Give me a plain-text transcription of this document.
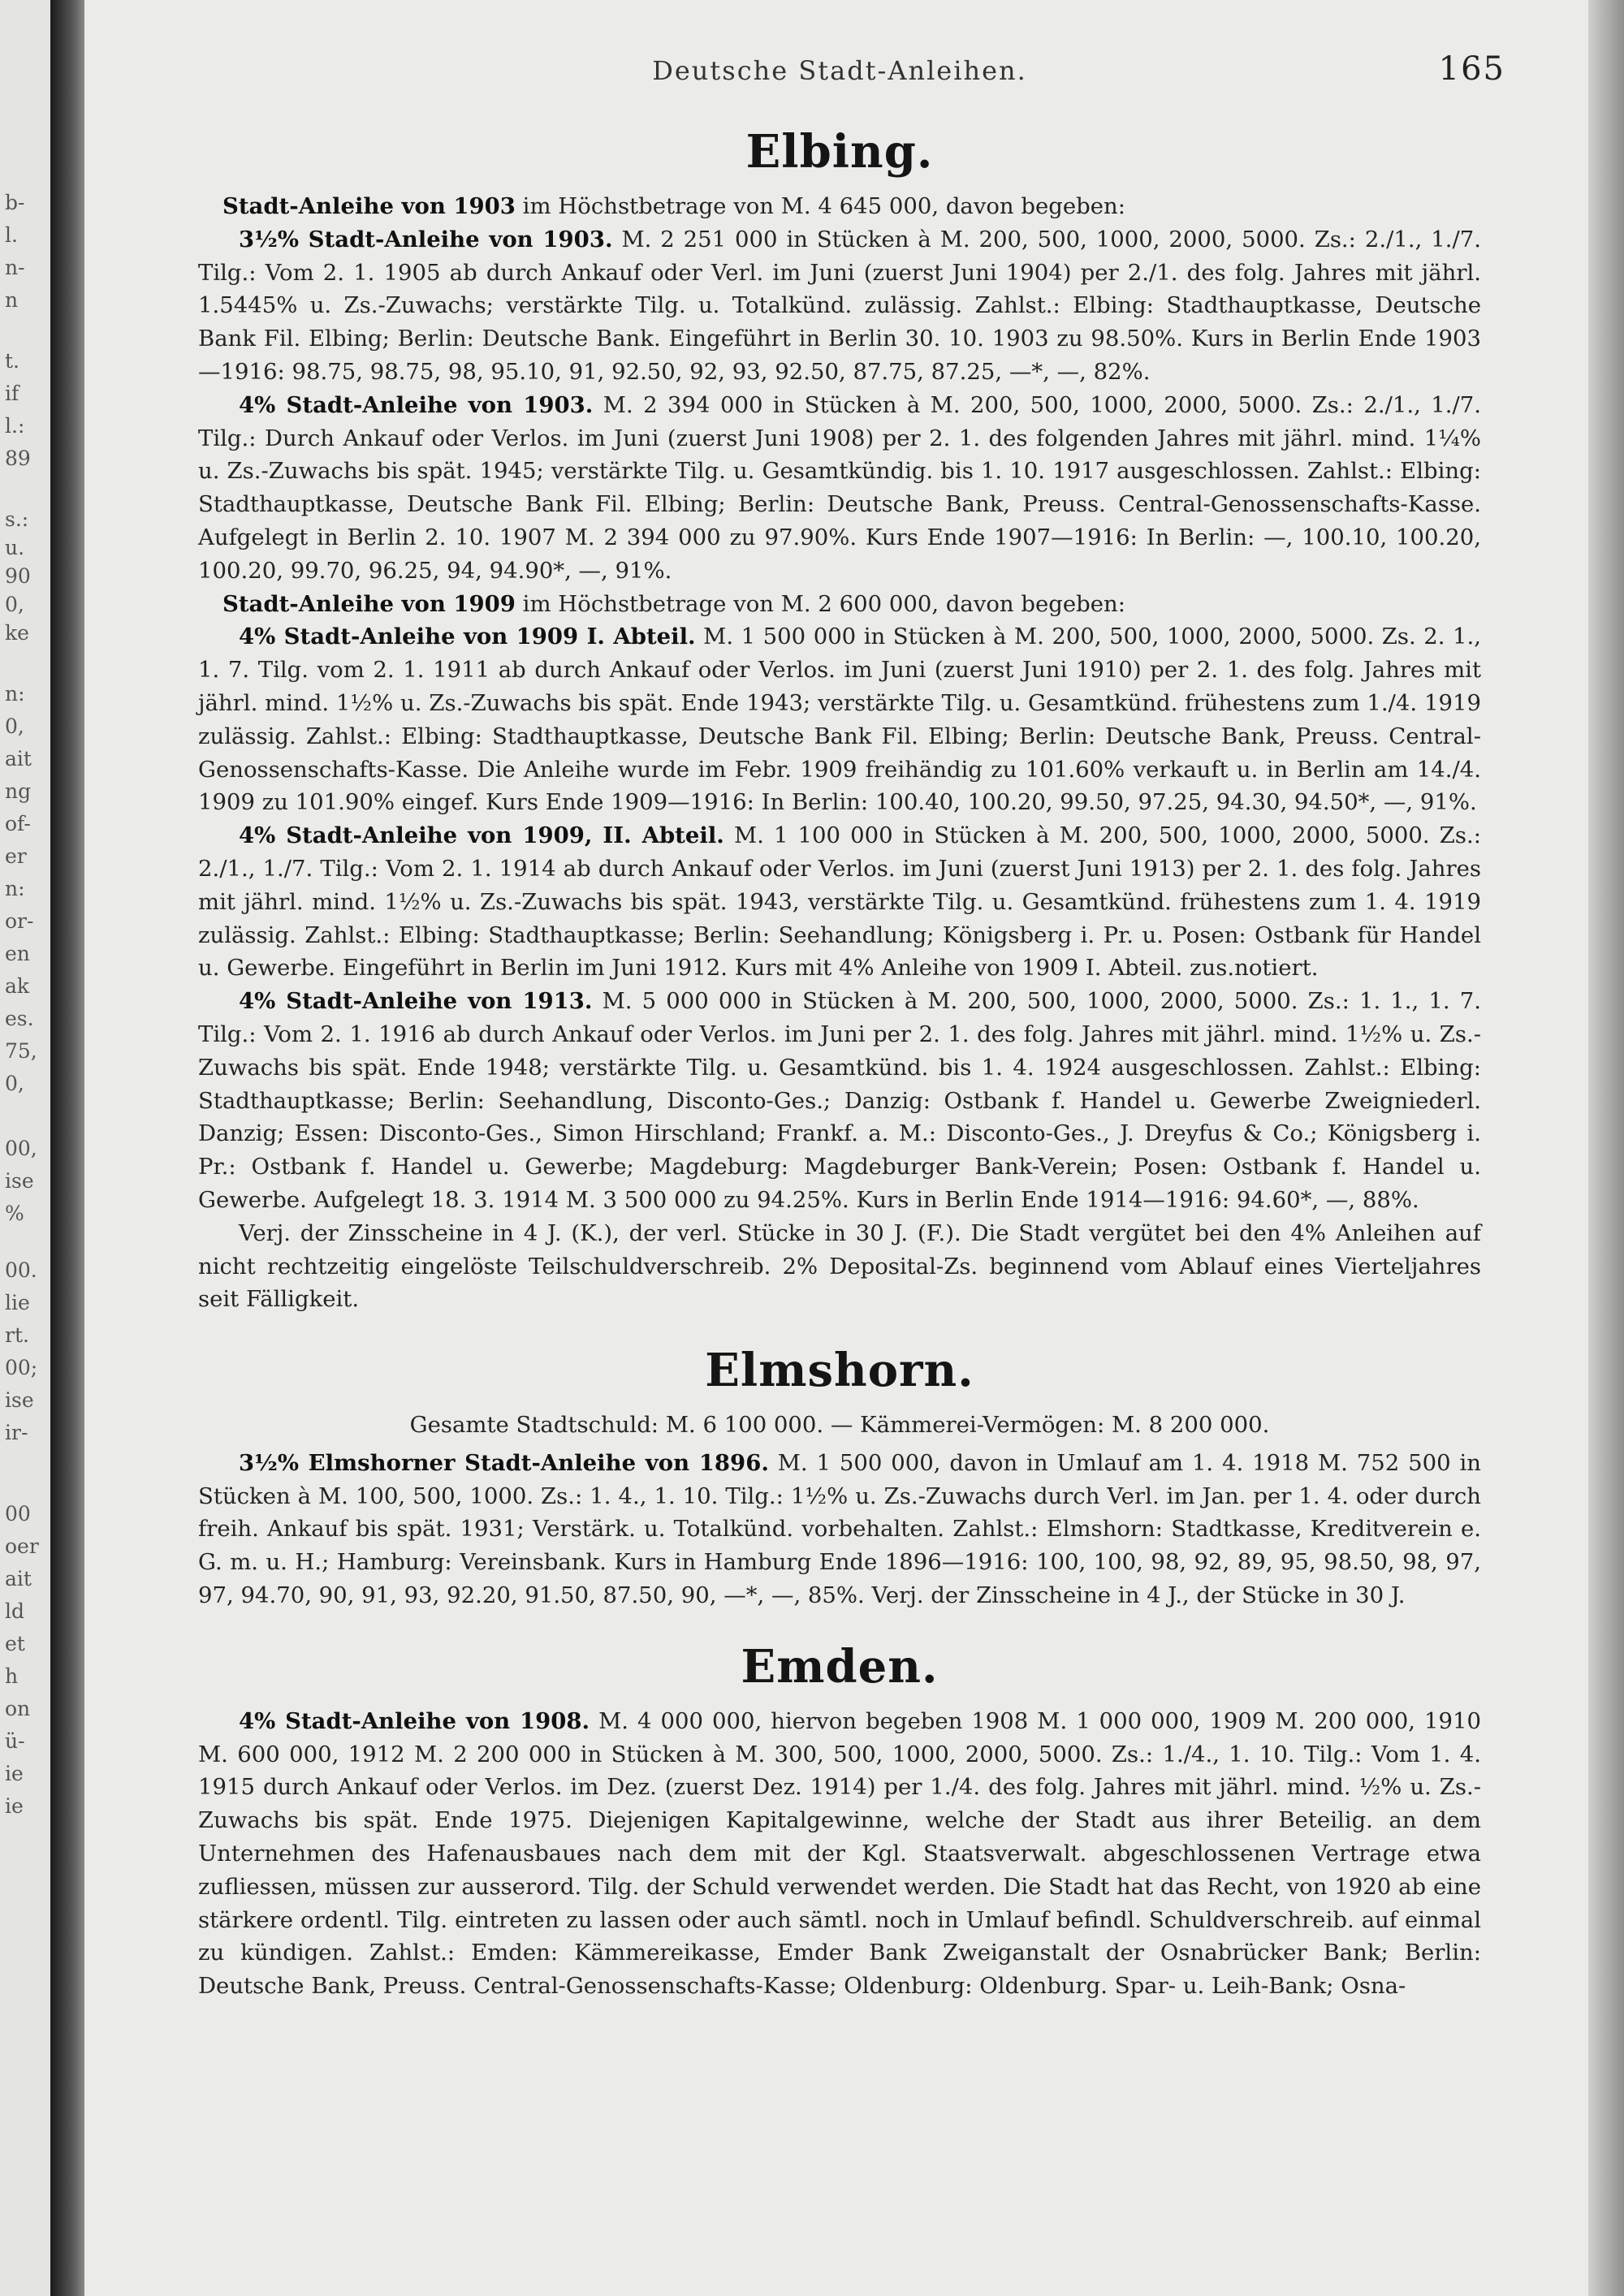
b-
l.
n-
n
t.
if
l.:
89
s.:
u.
90
0,
ke
n:
0,
ait
ng
of-
er
n:
or-
en
ak
es.
75,
0,
00,
ise
%
00.
lie
rt.
00;
ise
ir-
00
oer
ait
ld
et
h
on
ü-
ie
ie
Deutsche Stadt-Anleihen.	165
Elbing.

Stadt-Anleihe von 1903 im Höchstbetrage von M. 4 645 000, davon begeben:

3½% Stadt-Anleihe von 1903. M. 2 251 000 in Stücken à M. 200, 500, 1000, 2000, 5000. Zs.: 2./1., 1./7. Tilg.: Vom 2. 1. 1905 ab durch Ankauf oder Verl. im Juni (zuerst Juni 1904) per 2./1. des folg. Jahres mit jährl. 1.5445% u. Zs.-Zuwachs; verstärkte Tilg. u. Totalkünd. zulässig. Zahlst.: Elbing: Stadthauptkasse, Deutsche Bank Fil. Elbing; Berlin: Deutsche Bank. Eingeführt in Berlin 30. 10. 1903 zu 98.50%. Kurs in Berlin Ende 1903—1916: 98.75, 98.75, 98, 95.10, 91, 92.50, 92, 93, 92.50, 87.75, 87.25, —*, —, 82%.

4% Stadt-Anleihe von 1903. M. 2 394 000 in Stücken à M. 200, 500, 1000, 2000, 5000. Zs.: 2./1., 1./7. Tilg.: Durch Ankauf oder Verlos. im Juni (zuerst Juni 1908) per 2. 1. des folgenden Jahres mit jährl. mind. 1¼% u. Zs.-Zuwachs bis spät. 1945; verstärkte Tilg. u. Gesamtkündig. bis 1. 10. 1917 ausgeschlossen. Zahlst.: Elbing: Stadthauptkasse, Deutsche Bank Fil. Elbing; Berlin: Deutsche Bank, Preuss. Central-Genossenschafts-Kasse. Aufgelegt in Berlin 2. 10. 1907 M. 2 394 000 zu 97.90%. Kurs Ende 1907—1916: In Berlin: —, 100.10, 100.20, 100.20, 99.70, 96.25, 94, 94.90*, —, 91%.

Stadt-Anleihe von 1909 im Höchstbetrage von M. 2 600 000, davon begeben:

4% Stadt-Anleihe von 1909 I. Abteil. M. 1 500 000 in Stücken à M. 200, 500, 1000, 2000, 5000. Zs. 2. 1., 1. 7. Tilg. vom 2. 1. 1911 ab durch Ankauf oder Verlos. im Juni (zuerst Juni 1910) per 2. 1. des folg. Jahres mit jährl. mind. 1½% u. Zs.-Zuwachs bis spät. Ende 1943; verstärkte Tilg. u. Gesamtkünd. frühestens zum 1./4. 1919 zulässig. Zahlst.: Elbing: Stadthauptkasse, Deutsche Bank Fil. Elbing; Berlin: Deutsche Bank, Preuss. Central-Genossenschafts-Kasse. Die Anleihe wurde im Febr. 1909 freihändig zu 101.60% verkauft u. in Berlin am 14./4. 1909 zu 101.90% eingef. Kurs Ende 1909—1916: In Berlin: 100.40, 100.20, 99.50, 97.25, 94.30, 94.50*, —, 91%.

4% Stadt-Anleihe von 1909, II. Abteil. M. 1 100 000 in Stücken à M. 200, 500, 1000, 2000, 5000. Zs.: 2./1., 1./7. Tilg.: Vom 2. 1. 1914 ab durch Ankauf oder Verlos. im Juni (zuerst Juni 1913) per 2. 1. des folg. Jahres mit jährl. mind. 1½% u. Zs.-Zuwachs bis spät. 1943, verstärkte Tilg. u. Gesamtkünd. frühestens zum 1. 4. 1919 zulässig. Zahlst.: Elbing: Stadthauptkasse; Berlin: Seehandlung; Königsberg i. Pr. u. Posen: Ostbank für Handel u. Gewerbe. Eingeführt in Berlin im Juni 1912. Kurs mit 4% Anleihe von 1909 I. Abteil. zus.notiert.

4% Stadt-Anleihe von 1913. M. 5 000 000 in Stücken à M. 200, 500, 1000, 2000, 5000. Zs.: 1. 1., 1. 7. Tilg.: Vom 2. 1. 1916 ab durch Ankauf oder Verlos. im Juni per 2. 1. des folg. Jahres mit jährl. mind. 1½% u. Zs.-Zuwachs bis spät. Ende 1948; verstärkte Tilg. u. Gesamtkünd. bis 1. 4. 1924 ausgeschlossen. Zahlst.: Elbing: Stadthauptkasse; Berlin: Seehandlung, Disconto-Ges.; Danzig: Ostbank f. Handel u. Gewerbe Zweigniederl. Danzig; Essen: Disconto-Ges., Simon Hirschland; Frankf. a. M.: Disconto-Ges., J. Dreyfus & Co.; Königsberg i. Pr.: Ostbank f. Handel u. Gewerbe; Magdeburg: Magdeburger Bank-Verein; Posen: Ostbank f. Handel u. Gewerbe. Aufgelegt 18. 3. 1914 M. 3 500 000 zu 94.25%. Kurs in Berlin Ende 1914—1916: 94.60*, —, 88%.

Verj. der Zinsscheine in 4 J. (K.), der verl. Stücke in 30 J. (F.). Die Stadt vergütet bei den 4% Anleihen auf nicht rechtzeitig eingelöste Teilschuldverschreib. 2% Deposital-Zs. beginnend vom Ablauf eines Vierteljahres seit Fälligkeit.

Elmshorn.

Gesamte Stadtschuld: M. 6 100 000. — Kämmerei-Vermögen: M. 8 200 000.

3½% Elmshorner Stadt-Anleihe von 1896. M. 1 500 000, davon in Umlauf am 1. 4. 1918 M. 752 500 in Stücken à M. 100, 500, 1000. Zs.: 1. 4., 1. 10. Tilg.: 1½% u. Zs.-Zuwachs durch Verl. im Jan. per 1. 4. oder durch freih. Ankauf bis spät. 1931; Verstärk. u. Totalkünd. vorbehalten. Zahlst.: Elmshorn: Stadtkasse, Kreditverein e. G. m. u. H.; Hamburg: Vereinsbank. Kurs in Hamburg Ende 1896—1916: 100, 100, 98, 92, 89, 95, 98.50, 98, 97, 97, 94.70, 90, 91, 93, 92.20, 91.50, 87.50, 90, —*, —, 85%. Verj. der Zinsscheine in 4 J., der Stücke in 30 J.

Emden.

4% Stadt-Anleihe von 1908. M. 4 000 000, hiervon begeben 1908 M. 1 000 000, 1909 M. 200 000, 1910 M. 600 000, 1912 M. 2 200 000 in Stücken à M. 300, 500, 1000, 2000, 5000. Zs.: 1./4., 1. 10. Tilg.: Vom 1. 4. 1915 durch Ankauf oder Verlos. im Dez. (zuerst Dez. 1914) per 1./4. des folg. Jahres mit jährl. mind. ½% u. Zs.-Zuwachs bis spät. Ende 1975. Diejenigen Kapitalgewinne, welche der Stadt aus ihrer Beteilig. an dem Unternehmen des Hafenausbaues nach dem mit der Kgl. Staatsverwalt. abgeschlossenen Vertrage etwa zufliessen, müssen zur ausserord. Tilg. der Schuld verwendet werden. Die Stadt hat das Recht, von 1920 ab eine stärkere ordentl. Tilg. eintreten zu lassen oder auch sämtl. noch in Umlauf befindl. Schuldverschreib. auf einmal zu kündigen. Zahlst.: Emden: Kämmereikasse, Emder Bank Zweiganstalt der Osnabrücker Bank; Berlin: Deutsche Bank, Preuss. Central-Genossenschafts-Kasse; Oldenburg: Oldenburg. Spar- u. Leih-Bank; Osna-
